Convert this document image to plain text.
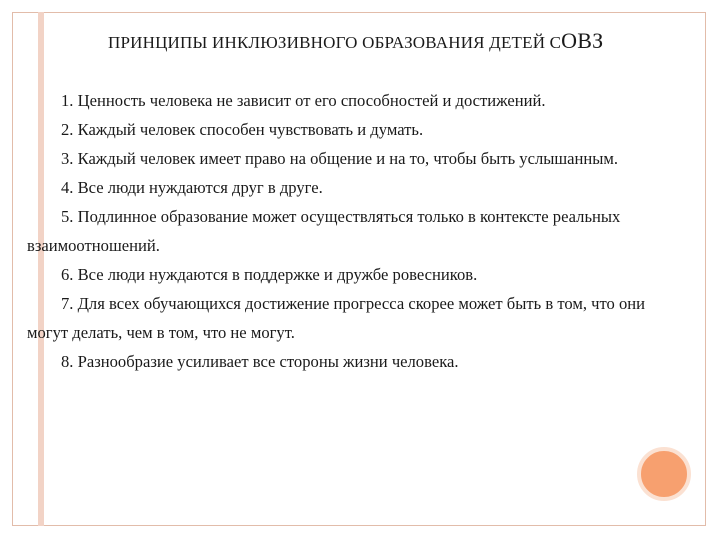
ПРИНЦИПЫ ИНКЛЮЗИВНОГО ОБРАЗОВАНИЯ ДЕТЕЙ СОВЗ

1. Ценность человека не зависит от его способностей и достижений.

2. Каждый человек способен чувствовать и думать.

3. Каждый человек имеет право на общение и на то, чтобы быть услышанным.

4. Все люди нуждаются друг в друге.

5. Подлинное образование может осуществляться только в контексте реальных взаимоотношений.

6. Все люди нуждаются в поддержке и дружбе ровесников.

7. Для всех обучающихся достижение прогресса скорее может быть в том, что они могут делать, чем в том, что не могут.

8. Разнообразие усиливает все стороны жизни человека.
